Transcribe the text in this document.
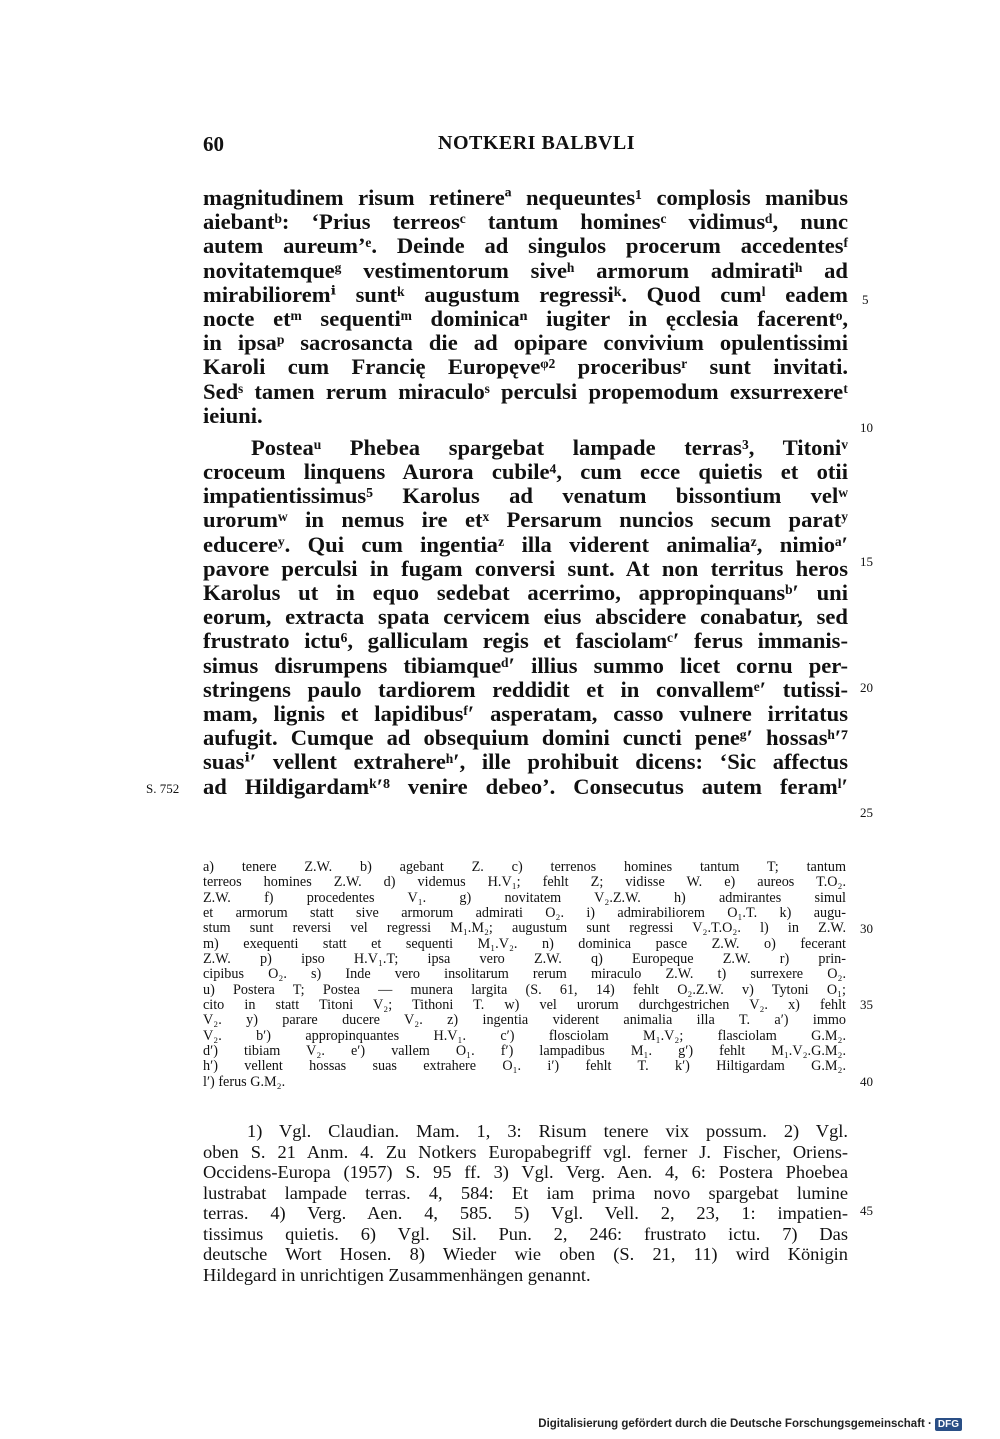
60	NOTKERI BALBVLI
magnitudinem risum retinereª nequeuntes¹ complosis manibus
aiebantᵇ: ‘Prius terreosᶜ tantum hominesᶜ vidimusᵈ, nunc
autem aureum’ᵉ. Deinde ad singulos procerum accedentesᶠ
novitatemqueᵍ vestimentorum siveʰ armorum admiratiʰ ad
mirabilioremⁱ suntᵏ augustum regressiᵏ. Quod cumˡ eadem
nocte etᵐ sequentiᵐ dominicaⁿ iugiter in ęcclesia facerentᵒ,
in ipsaᵖ sacrosancta die ad opipare convivium opulentissimi
Karoli cum Francię Europęveᵠ² proceribusʳ sunt invitati.
Sedˢ tamen rerum miraculoˢ perculsi propemodum exsurrexereᵗ
ieiuni.
Posteaᵘ Phebea spargebat lampade terras³, Titoniᵛ
croceum linquens Aurora cubile⁴, cum ecce quietis et otii
impatientissimus⁵ Karolus ad venatum bissontium velʷ
urorumʷ in nemus ire etˣ Persarum nuncios secum paratʸ
educereʸ. Qui cum ingentiaᶻ illa viderent animaliaᶻ, nimioᵃ′
pavore perculsi in fugam conversi sunt. At non territus heros
Karolus ut in equo sedebat acerrimo, appropinquansᵇ′ uni
eorum, extracta spata cervicem eius abscidere conabatur, sed
frustrato ictu⁶, galliculam regis et fasciolamᶜ′ ferus immanis-
simus disrumpens tibiamqueᵈ′ illius summo licet cornu per-
stringens paulo tardiorem reddidit et in convallemᵉ′ tutissi-
mam, lignis et lapidibusᶠ′ asperatam, casso vulnere irritatus
aufugit. Cumque ad obsequium domini cuncti peneᵍ′ hossasʰ′⁷
suasⁱ′ vellent extrahereʰ′, ille prohibuit dicens: ‘Sic affectus
ad Hildigardamᵏ′⁸ venire debeo’. Consecutus autem feramˡ′
5
10
15
20
25
S. 752
a) tenere Z.W. b) agebant Z. c) terrenos homines tantum T; tantum
terreos homines Z.W. d) videmus H.V₁; fehlt Z; vidisse W. e) aureos T.O₂.
Z.W. f) procedentes V₁. g) novitatem V₂.Z.W. h) admirantes simul
et armorum statt sive armorum admirati O₂. i) admirabiliorem O₁.T. k) augu-
stum sunt reversi vel regressi M₁.M₂; augustum sunt regressi V₂.T.O₂. l) in Z.W.
m) exequenti statt et sequenti M₁.V₂. n) dominica pasce Z.W. o) fecerant
Z.W. p) ipso H.V₁.T; ipsa vero Z.W. q) Europeque Z.W. r) prin-
cipibus O₂. s) Inde vero insolitarum rerum miraculo Z.W. t) surrexere O₂.
u) Postera T; Postea — munera largita (S. 61, 14) fehlt O₂.Z.W. v) Tytoni O₁;
cito in statt Titoni V₂; Tithoni T. w) vel urorum durchgestrichen V₂. x) fehlt
V₂. y) parare ducere V₂. z) ingentia viderent animalia illa T. a′) immo
V₂. b′) appropinquantes H.V₁. c′) flosciolam M₁.V₂; flasciolam G.M₂.
d′) tibiam V₂. e′) vallem O₁. f′) lampadibus M₁. g′) fehlt M₁.V₂.G.M₂.
h′) vellent hossas suas extrahere O₁. i′) fehlt T. k′) Hiltigardam G.M₂.
l′) ferus G.M₂.
30
35
40
1) Vgl. Claudian. Mam. 1, 3: Risum tenere vix possum. 2) Vgl.
oben S. 21 Anm. 4. Zu Notkers Europabegriff vgl. ferner J. Fischer, Oriens-
Occidens-Europa (1957) S. 95 ff. 3) Vgl. Verg. Aen. 4, 6: Postera Phoebea
lustrabat lampade terras. 4, 584: Et iam prima novo spargebat lumine
terras. 4) Verg. Aen. 4, 585. 5) Vgl. Vell. 2, 23, 1: impatien-
tissimus quietis. 6) Vgl. Sil. Pun. 2, 246: frustrato ictu. 7) Das
deutsche Wort Hosen. 8) Wieder wie oben (S. 21, 11) wird Königin
Hildegard in unrichtigen Zusammenhängen genannt.
45
Digitalisierung gefördert durch die Deutsche Forschungsgemeinschaft · DFG
